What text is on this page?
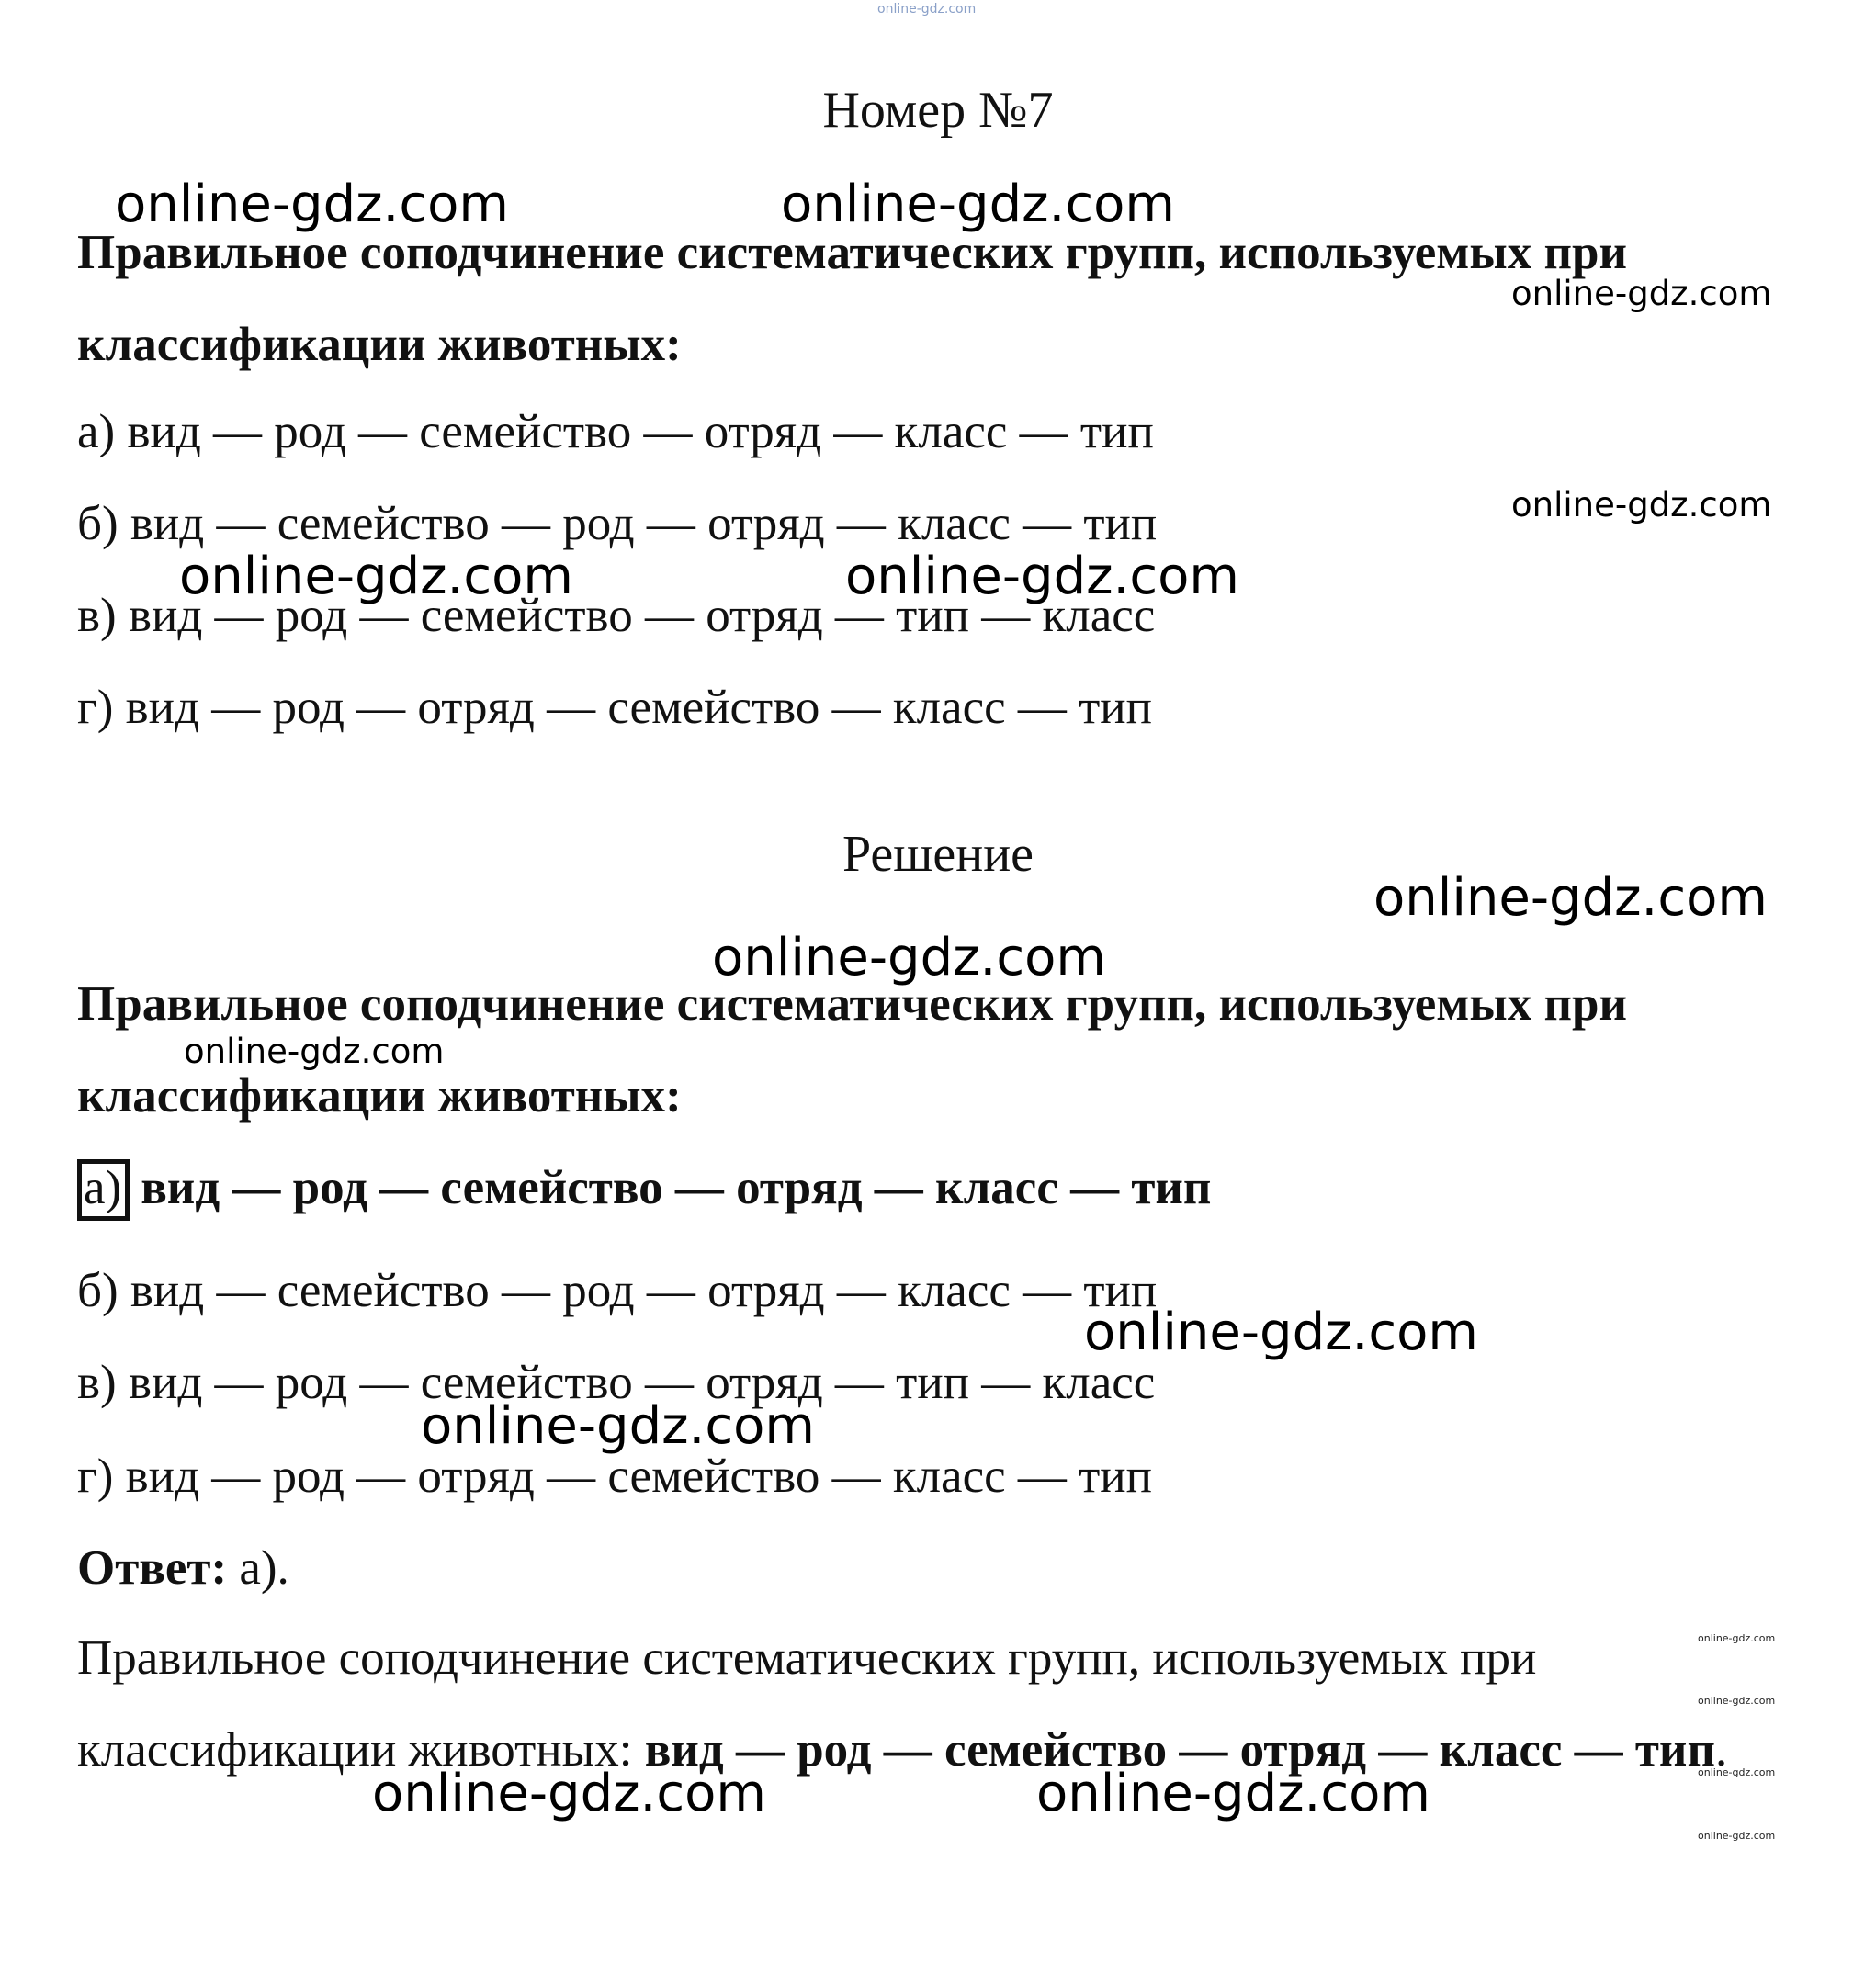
online-gdz.com
Номер №7
Правильное соподчинение систематических групп, используемых при
классификации животных:
а) вид — род — семейство — отряд — класс — тип
б) вид — семейство — род — отряд — класс — тип
в) вид — род — семейство — отряд — тип — класс
г) вид — род — отряд — семейство — класс — тип
Решение
Правильное соподчинение систематических групп, используемых при
классификации животных:
а) вид — род — семейство — отряд — класс — тип
б) вид — семейство — род — отряд — класс — тип
в) вид — род — семейство — отряд — тип — класс
г) вид — род — отряд — семейство — класс — тип
Ответ: а).
Правильное соподчинение систематических групп, используемых при классификации животных: вид — род — семейство — отряд — класс — тип.
online-gdz.com	online-gdz.com
online-gdz.com
online-gdz.com
online-gdz.com	online-gdz.com
online-gdz.com
online-gdz.com
online-gdz.com
online-gdz.com
online-gdz.com
online-gdz.com	online-gdz.com
online-gdz.com
online-gdz.com
online-gdz.com
online-gdz.com
